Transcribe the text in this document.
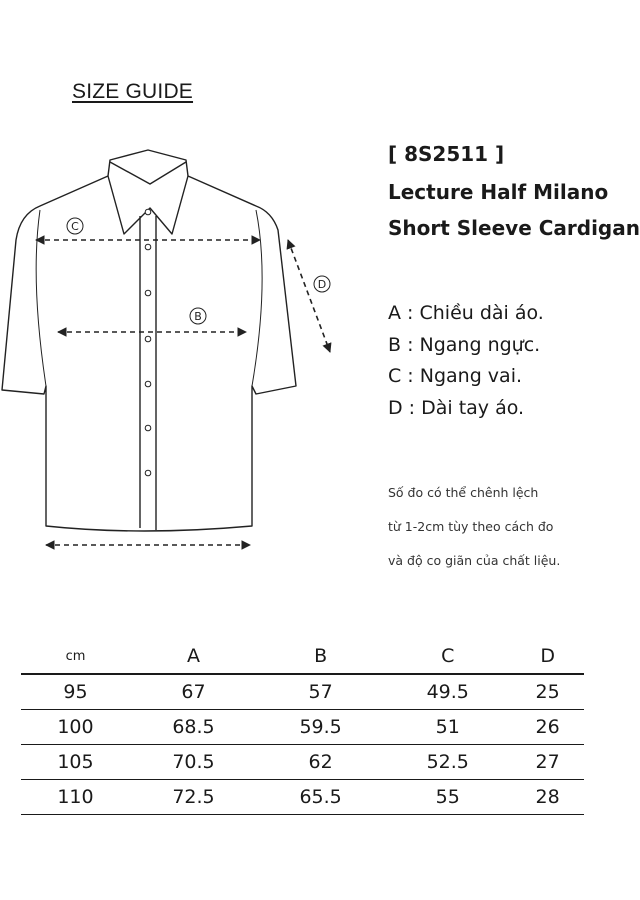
SIZE GUIDE
C
B
D
[ 8S2511 ]
Lecture Half Milano
Short Sleeve Cardigan
A : Chiều dài áo.
B : Ngang ngực.
C : Ngang vai.
D : Dài tay áo.
Số đo có thể chênh lệch
từ 1-2cm tùy theo cách đo
và độ co giãn của chất liệu.
cm	A	B	C	D
95	67	57	49.5	25
100	68.5	59.5	51	26
105	70.5	62	52.5	27
110	72.5	65.5	55	28
